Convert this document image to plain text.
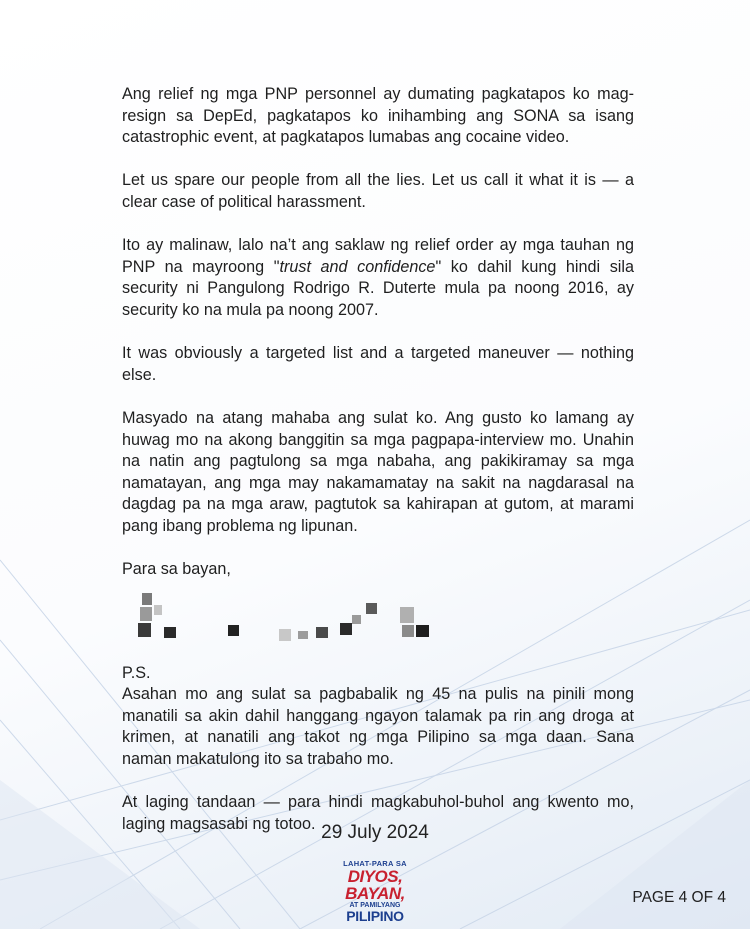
Ang relief ng mga PNP personnel ay dumating pagkatapos ko mag-resign sa DepEd, pagkatapos ko inihambing ang SONA sa isang catastrophic event, at pagkatapos lumabas ang cocaine video.

Let us spare our people from all the lies. Let us call it what it is — a clear case of political harassment.

Ito ay malinaw, lalo na’t ang saklaw ng relief order ay mga tauhan ng PNP na mayroong "trust and confidence" ko dahil kung hindi sila security ni Pangulong Rodrigo R. Duterte mula pa noong 2016, ay security ko na mula pa noong 2007.

It was obviously a targeted list and a targeted maneuver — nothing else.

Masyado na atang mahaba ang sulat ko. Ang gusto ko lamang ay huwag mo na akong banggitin sa mga pagpapa-interview mo. Unahin na natin ang pagtulong sa mga nabaha, ang pakikiramay sa mga namatayan, ang mga may nakamamatay na sakit na nagdarasal na dagdag pa na mga araw, pagtutok sa kahirapan at gutom, at marami pang ibang problema ng lipunan.

Para sa bayan,

P.S.

Asahan mo ang sulat sa pagbabalik ng 45 na pulis na pinili mong manatili sa akin dahil hanggang ngayon talamak pa rin ang droga at krimen, at nanatili ang takot ng mga Pilipino sa mga daan. Sana naman makatulong ito sa trabaho mo.

At laging tandaan — para hindi magkabuhol-buhol ang kwento mo, laging magsasabi ng totoo. 29 July 2024
LAHAT-PARA SA
DIYOS,
BAYAN,
AT PAMILYANG
PILIPINO
PAGE 4 OF 4
